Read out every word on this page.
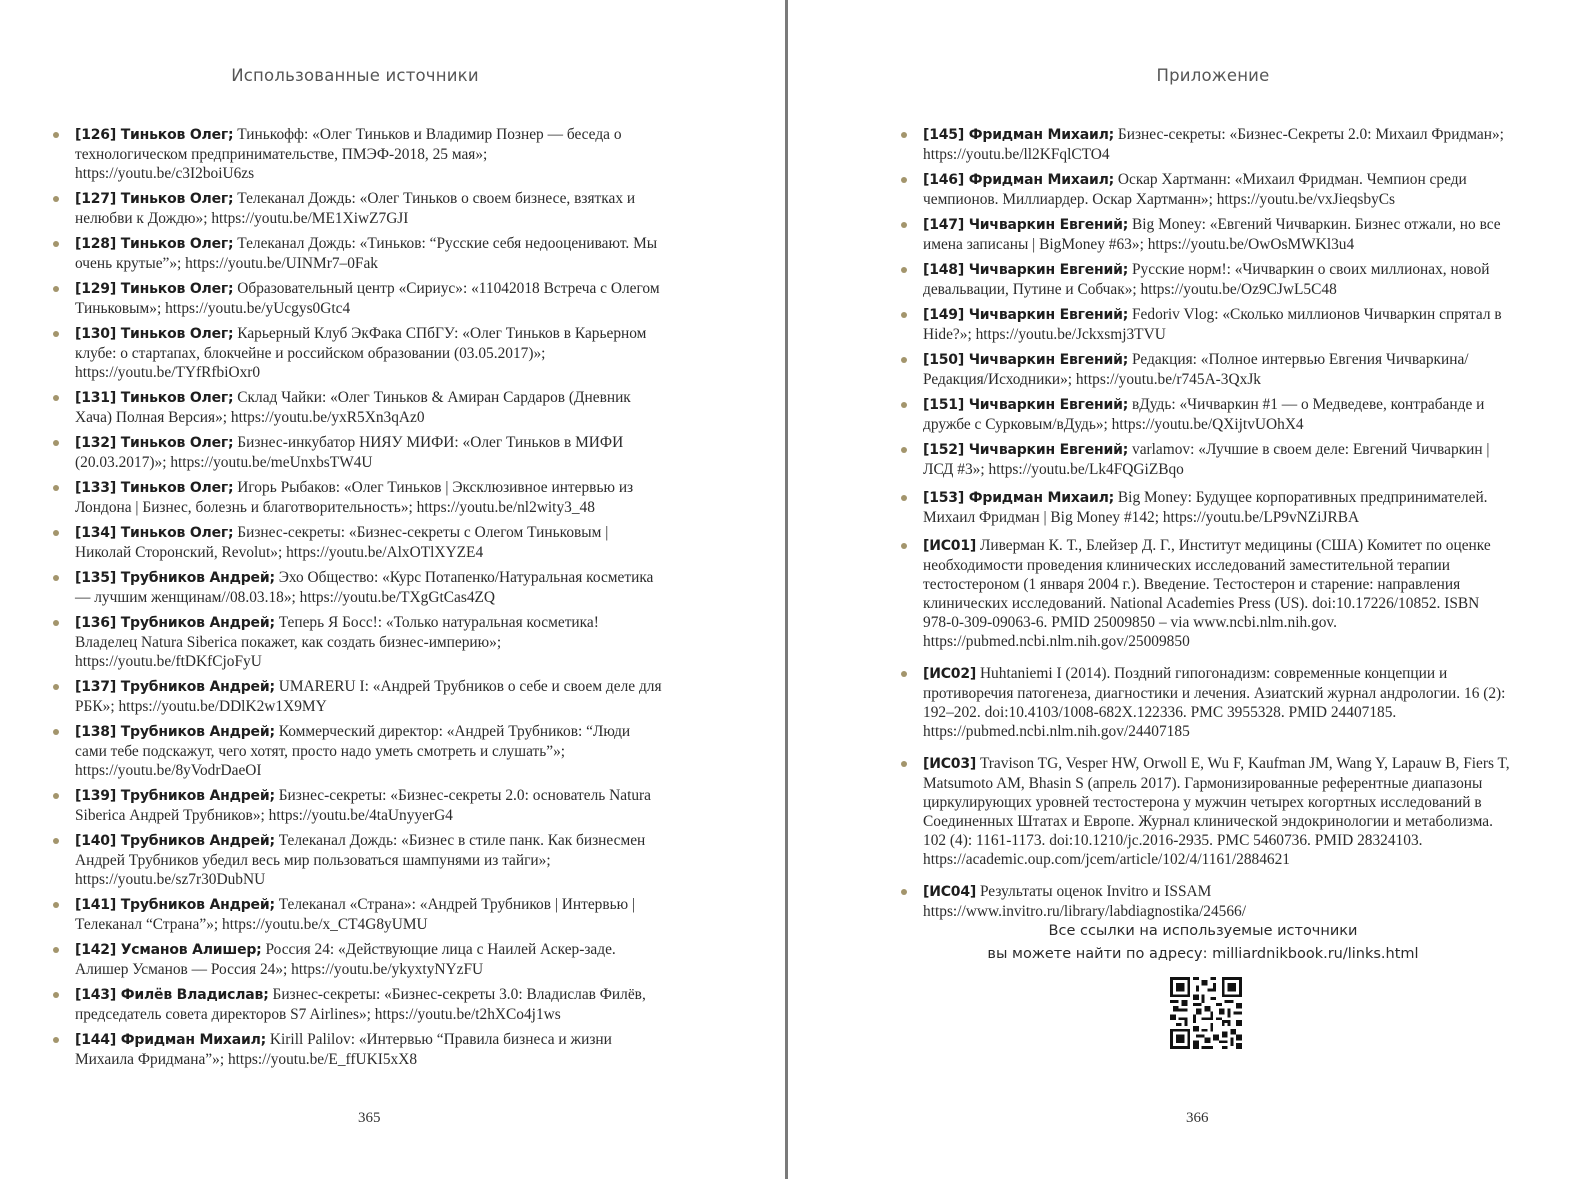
Использованные источники
[126] Тиньков Олег; Тинькофф: «Олег Тиньков и Владимир Познер — беседа о технологическом предпринимательстве, ПМЭФ-2018, 25 мая»; https://youtu.be/c3I2boiU6zs
[127] Тиньков Олег; Телеканал Дождь: «Олег Тиньков о своем бизнесе, взятках и нелюбви к Дождю»; https://youtu.be/ME1XiwZ7GJI
[128] Тиньков Олег; Телеканал Дождь: «Тиньков: “Русские себя недооценивают. Мы очень крутые”»; https://youtu.be/UINMr7–0Fak
[129] Тиньков Олег; Образовательный центр «Сириус»: «11042018 Встреча с Олегом Тиньковым»; https://youtu.be/yUcgys0Gtc4
[130] Тиньков Олег; Карьерный Клуб ЭкФака СПбГУ: «Олег Тиньков в Карьерном клубе: о стартапах, блокчейне и российском образовании (03.05.2017)»; https://youtu.be/TYfRfbiOxr0
[131] Тиньков Олег; Склад Чайки: «Олег Тиньков & Амиран Сардаров (Дневник Хача) Полная Версия»; https://youtu.be/yxR5Xn3qAz0
[132] Тиньков Олег; Бизнес-инкубатор НИЯУ МИФИ: «Олег Тиньков в МИФИ (20.03.2017)»; https://youtu.be/meUnxbsTW4U
[133] Тиньков Олег; Игорь Рыбаков: «Олег Тиньков | Эксклюзивное интервью из Лондона | Бизнес, болезнь и благотворительность»; https://youtu.be/nl2wity3_48
[134] Тиньков Олег; Бизнес-секреты: «Бизнес-секреты с Олегом Тиньковым | Николай Сторонский, Revolut»; https://youtu.be/AlxOTlXYZE4
[135] Трубников Андрей; Эхо Общество: «Курс Потапенко/Натуральная косметика — лучшим женщинам//08.03.18»; https://youtu.be/TXgGtCas4ZQ
[136] Трубников Андрей; Теперь Я Босс!: «Только натуральная косметика! Владелец Natura Siberica покажет, как создать бизнес-империю»; https://youtu.be/ftDKfCjoFyU
[137] Трубников Андрей; UMARERU I: «Андрей Трубников о себе и своем деле для РБК»; https://youtu.be/DDlK2w1X9MY
[138] Трубников Андрей; Коммерческий директор: «Андрей Трубников: “Люди сами тебе подскажут, чего хотят, просто надо уметь смотреть и слушать”»; https://youtu.be/8yVodrDaeOI
[139] Трубников Андрей; Бизнес-секреты: «Бизнес-секреты 2.0: основатель Natura Siberica Андрей Трубников»; https://youtu.be/4taUnyyerG4
[140] Трубников Андрей; Телеканал Дождь: «Бизнес в стиле панк. Как бизнесмен Андрей Трубников убедил весь мир пользоваться шампунями из тайги»; https://youtu.be/sz7r30DubNU
[141] Трубников Андрей; Телеканал «Страна»: «Андрей Трубников | Интервью | Телеканал “Страна”»; https://youtu.be/x_CT4G8yUMU
[142] Усманов Алишер; Россия 24: «Действующие лица с Наилей Аскер-заде. Алишер Усманов — Россия 24»; https://youtu.be/ykyxtyNYzFU
[143] Филёв Владислав; Бизнес-секреты: «Бизнес-секреты 3.0: Владислав Филёв, председатель совета директоров S7 Airlines»; https://youtu.be/t2hXCo4j1ws
[144] Фридман Михаил; Kirill Palilov: «Интервью “Правила бизнеса и жизни Михаила Фридмана”»; https://youtu.be/E_ffUKI5xX8
365
Приложение
[145] Фридман Михаил; Бизнес-секреты: «Бизнес-Секреты 2.0: Михаил Фридман»; https://youtu.be/ll2KFqlCTO4
[146] Фридман Михаил; Оскар Хартманн: «Михаил Фридман. Чемпион среди чемпионов. Миллиардер. Оскар Хартманн»; https://youtu.be/vxJieqsbyCs
[147] Чичваркин Евгений; Big Money: «Евгений Чичваркин. Бизнес отжали, но все имена записаны | BigMoney #63»; https://youtu.be/OwOsMWKl3u4
[148] Чичваркин Евгений; Русские норм!: «Чичваркин о своих миллионах, новой девальвации, Путине и Собчак»; https://youtu.be/Oz9CJwL5C48
[149] Чичваркин Евгений; Fedoriv Vlog: «Сколько миллионов Чичваркин спрятал в Hide?»; https://youtu.be/Jckxsmj3TVU
[150] Чичваркин Евгений; Редакция: «Полное интервью Евгения Чичваркина/Редакция/Исходники»; https://youtu.be/r745A-3QxJk
[151] Чичваркин Евгений; вДудь: «Чичваркин #1 — о Медведеве, контрабанде и дружбе с Сурковым/вДудь»; https://youtu.be/QXijtvUOhX4
[152] Чичваркин Евгений; varlamov: «Лучшие в своем деле: Евгений Чичваркин | ЛСД #3»; https://youtu.be/Lk4FQGiZBqo
[153] Фридман Михаил; Big Money: Будущее корпоративных предпринимателей. Михаил Фридман | Big Money #142; https://youtu.be/LP9vNZiJRBA
[ИС01] Ливерман К. Т., Блейзер Д. Г., Институт медицины (США) Комитет по оценке необходимости проведения клинических исследований заместительной терапии тестостероном (1 января 2004 г.). Введение. Тестостерон и старение: направления клинических исследований. National Academies Press (US). doi:10.17226/10852. ISBN 978-0-309-09063-6. PMID 25009850 – via www.ncbi.nlm.nih.gov. https://pubmed.ncbi.nlm.nih.gov/25009850
[ИС02] Huhtaniemi I (2014). Поздний гипогонадизм: современные концепции и противоречия патогенеза, диагностики и лечения. Азиатский журнал андрологии. 16 (2): 192–202. doi:10.4103/1008-682X.122336. PMC 3955328. PMID 24407185. https://pubmed.ncbi.nlm.nih.gov/24407185
[ИС03] Travison TG, Vesper HW, Orwoll E, Wu F, Kaufman JM, Wang Y, Lapauw B, Fiers T, Matsumoto AM, Bhasin S (апрель 2017). Гармонизированные референтные диапазоны циркулирующих уровней тестостерона у мужчин четырех когортных исследований в Соединенных Штатах и Европе. Журнал клинической эндокринологии и метаболизма. 102 (4): 1161-1173. doi:10.1210/jc.2016-2935. PMC 5460736. PMID 28324103. https://academic.oup.com/jcem/article/102/4/1161/2884621
[ИС04] Результаты оценок Invitro и ISSAM https://www.invitro.ru/library/labdiagnostika/24566/
Все ссылки на используемые источники
вы можете найти по адресу: milliardnikbook.ru/links.html
366
